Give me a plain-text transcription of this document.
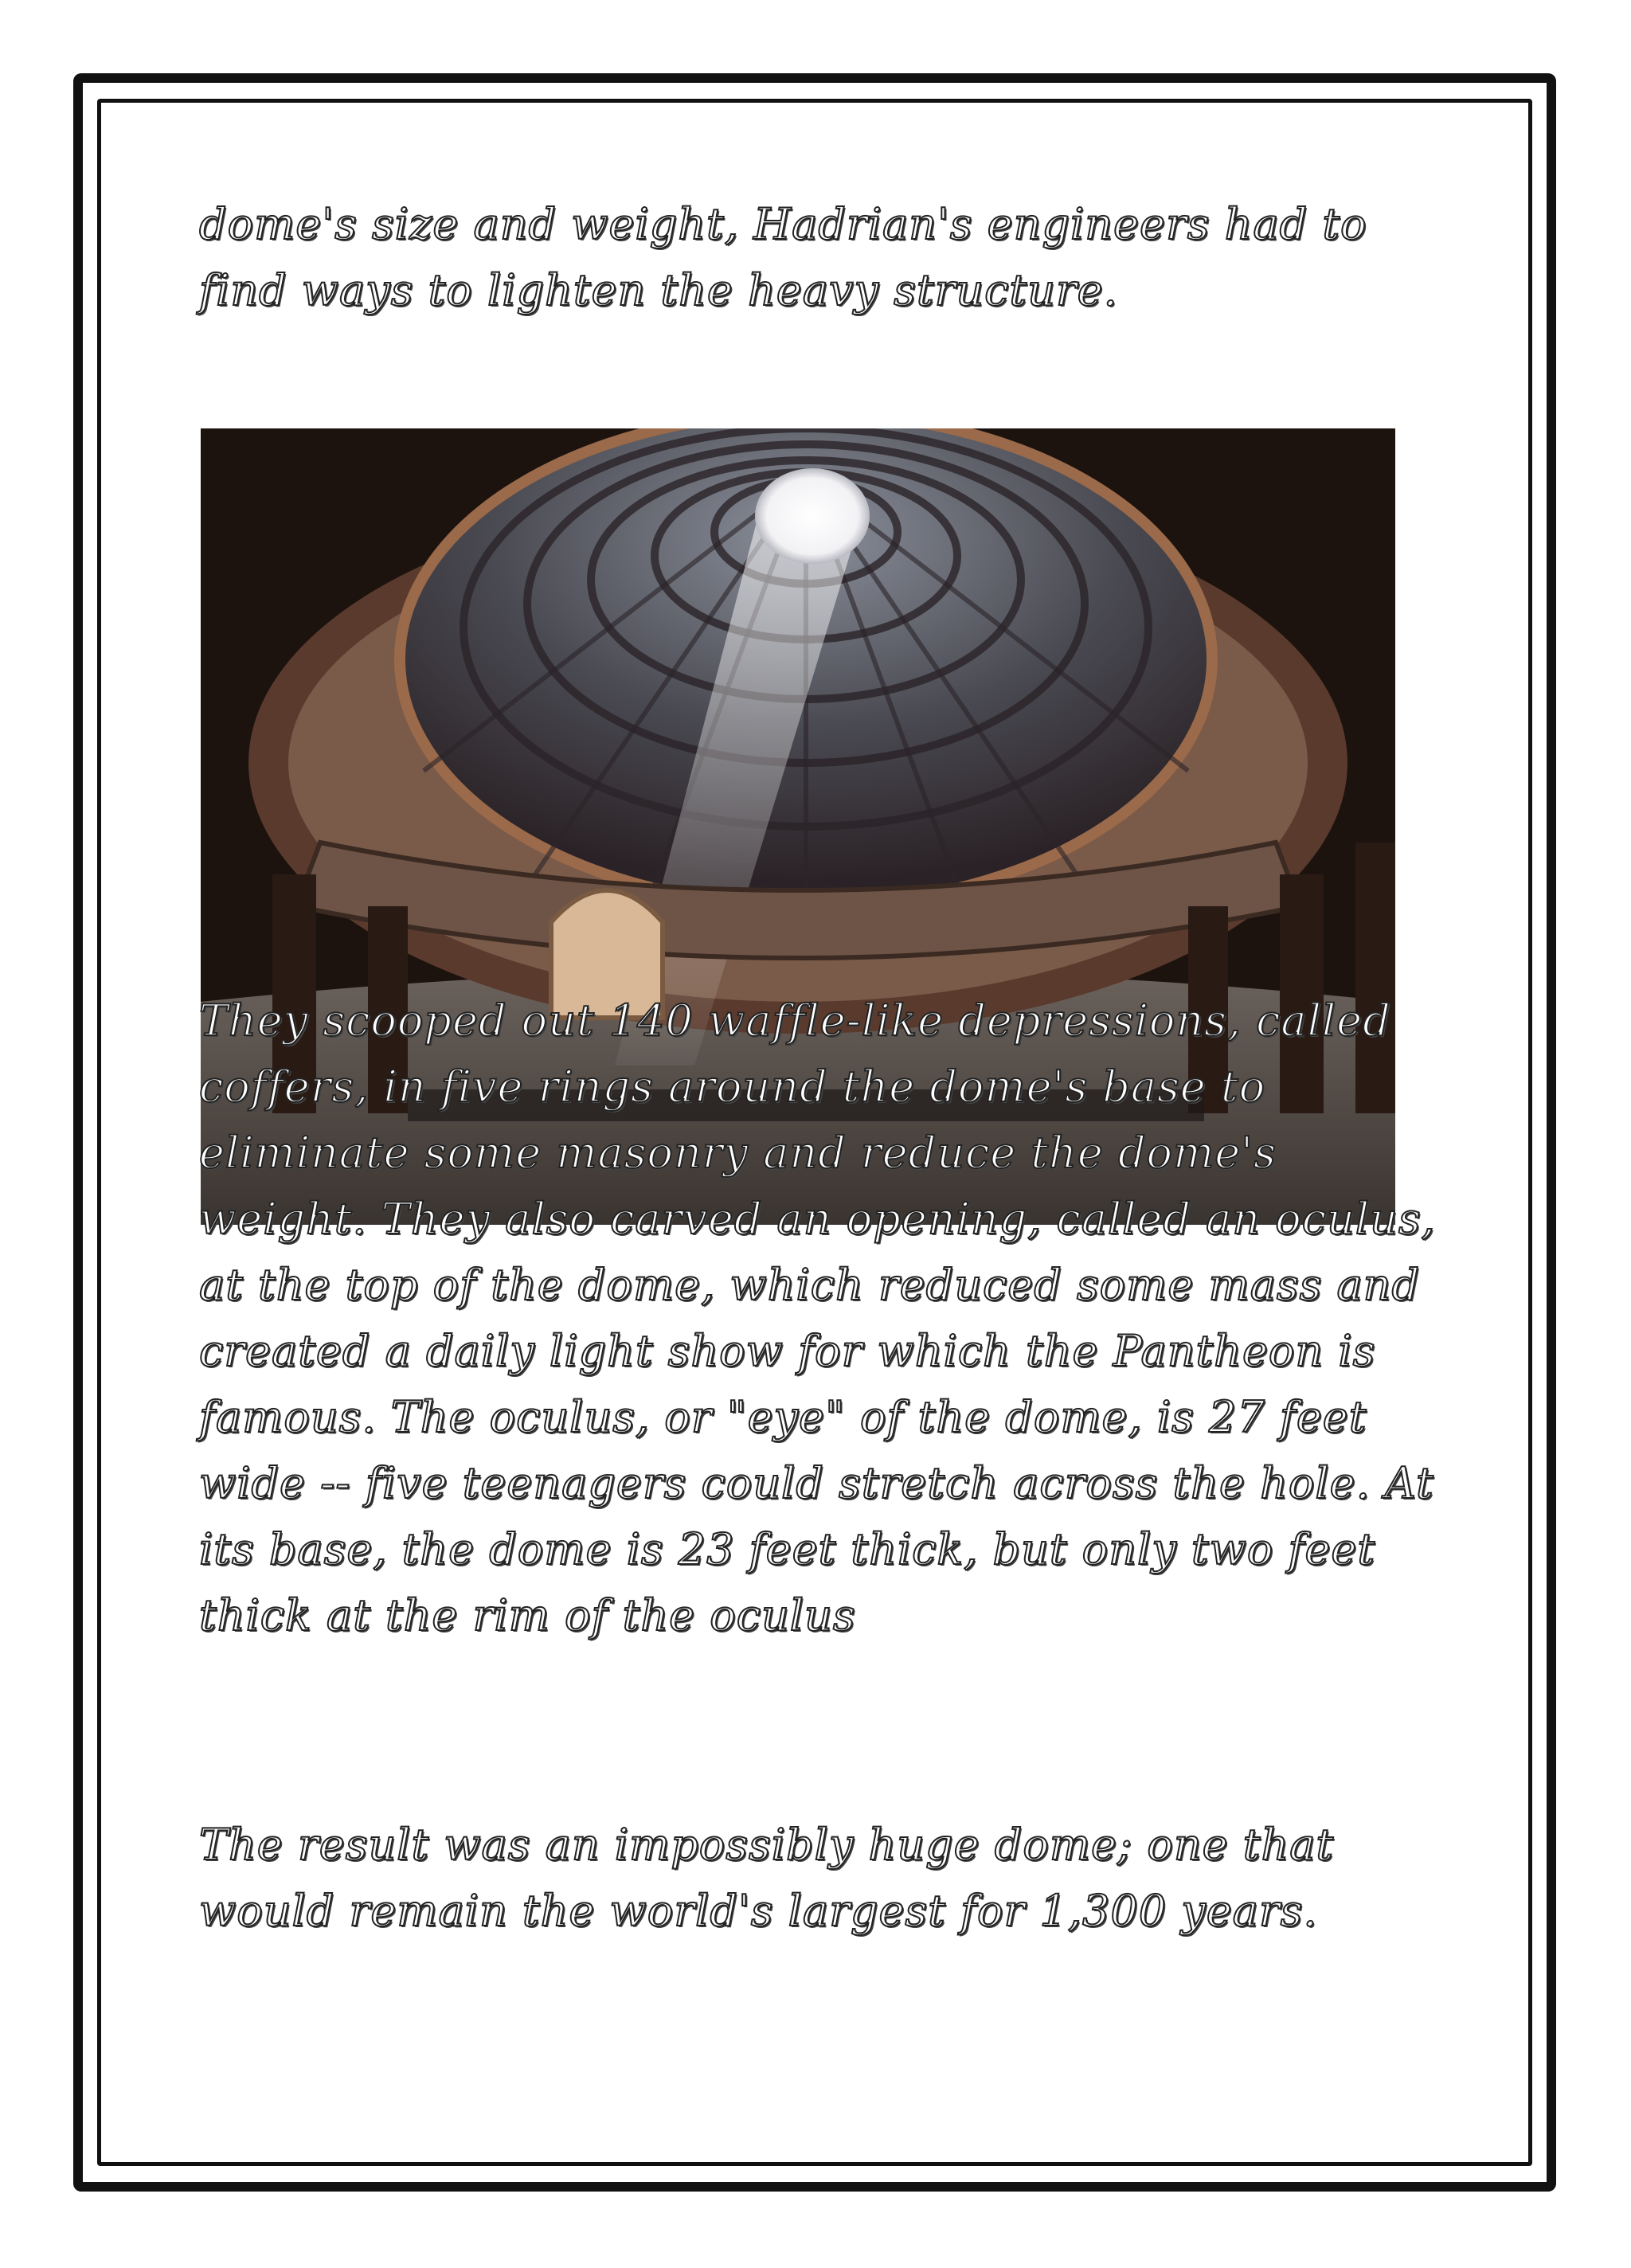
dome's size and weight, Hadrian's engineers had to find ways to lighten the heavy structure.

They scooped out 140 waffle-like depressions, called coffers, in five rings around the dome's base to eliminate some masonry and reduce the dome's weight. They also carved an opening, called an oculus, at the top of the dome, which reduced some mass and created a daily light show for which the Pantheon is famous. The oculus, or "eye" of the dome, is 27 feet wide -- five teenagers could stretch across the hole. At its base, the dome is 23 feet thick, but only two feet thick at the rim of the oculus

The result was an impossibly huge dome; one that would remain the world's largest for 1,300 years.
